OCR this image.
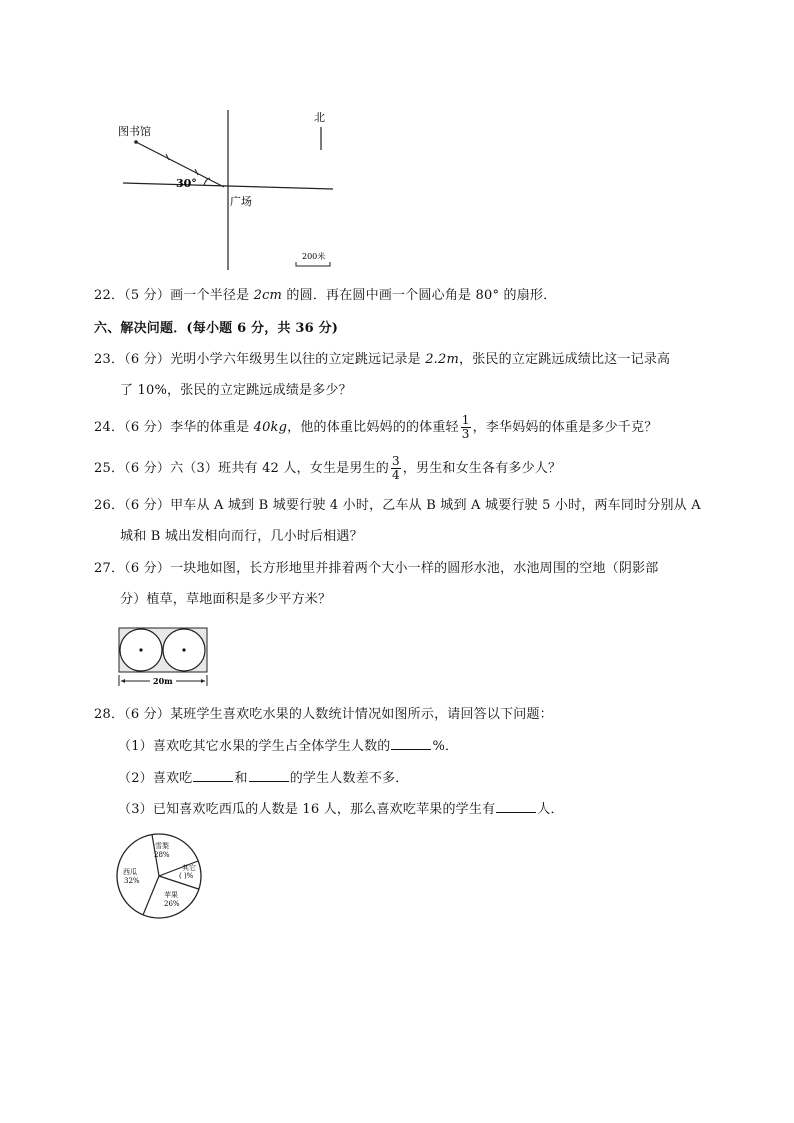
图书馆
30°
广场
北
200米
22．（5 分）画一个半径是 2cm 的圆．再在圆中画一个圆心角是 80° 的扇形．
六、解决问题．(每小题 6 分，共 36 分)
23．（6 分）光明小学六年级男生以往的立定跳远记录是 2.2m，张民的立定跳远成绩比这一记录高
了 10%，张民的立定跳远成绩是多少？
24．（6 分）李华的体重是 40kg，他的体重比妈妈的的体重轻 $\frac{1}{3}$ ，李华妈妈的体重是多少千克？
25．（6 分）六（3）班共有 42 人，女生是男生的 $\frac{3}{4}$ ，男生和女生各有多少人？
26．（6 分）甲车从 A 城到 B 城要行驶 4 小时，乙车从 B 城到 A 城要行驶 5 小时，两车同时分别从 A
城和 B 城出发相向而行，几小时后相遇？
27．（6 分）一块地如图，长方形地里并排着两个大小一样的圆形水池，水池周围的空地（阴影部
分）植草，草地面积是多少平方米？
20m
28．（6 分）某班学生喜欢吃水果的人数统计情况如图所示，请回答以下问题：
（1）喜欢吃其它水果的学生占全体学生人数的	%．
（2）喜欢吃	和	的学生人数差不多．
（3）已知喜欢吃西瓜的人数是 16 人，那么喜欢吃苹果的学生有	人．
雪梨
28%
其它
( )%
苹果
26%
西瓜
32%
